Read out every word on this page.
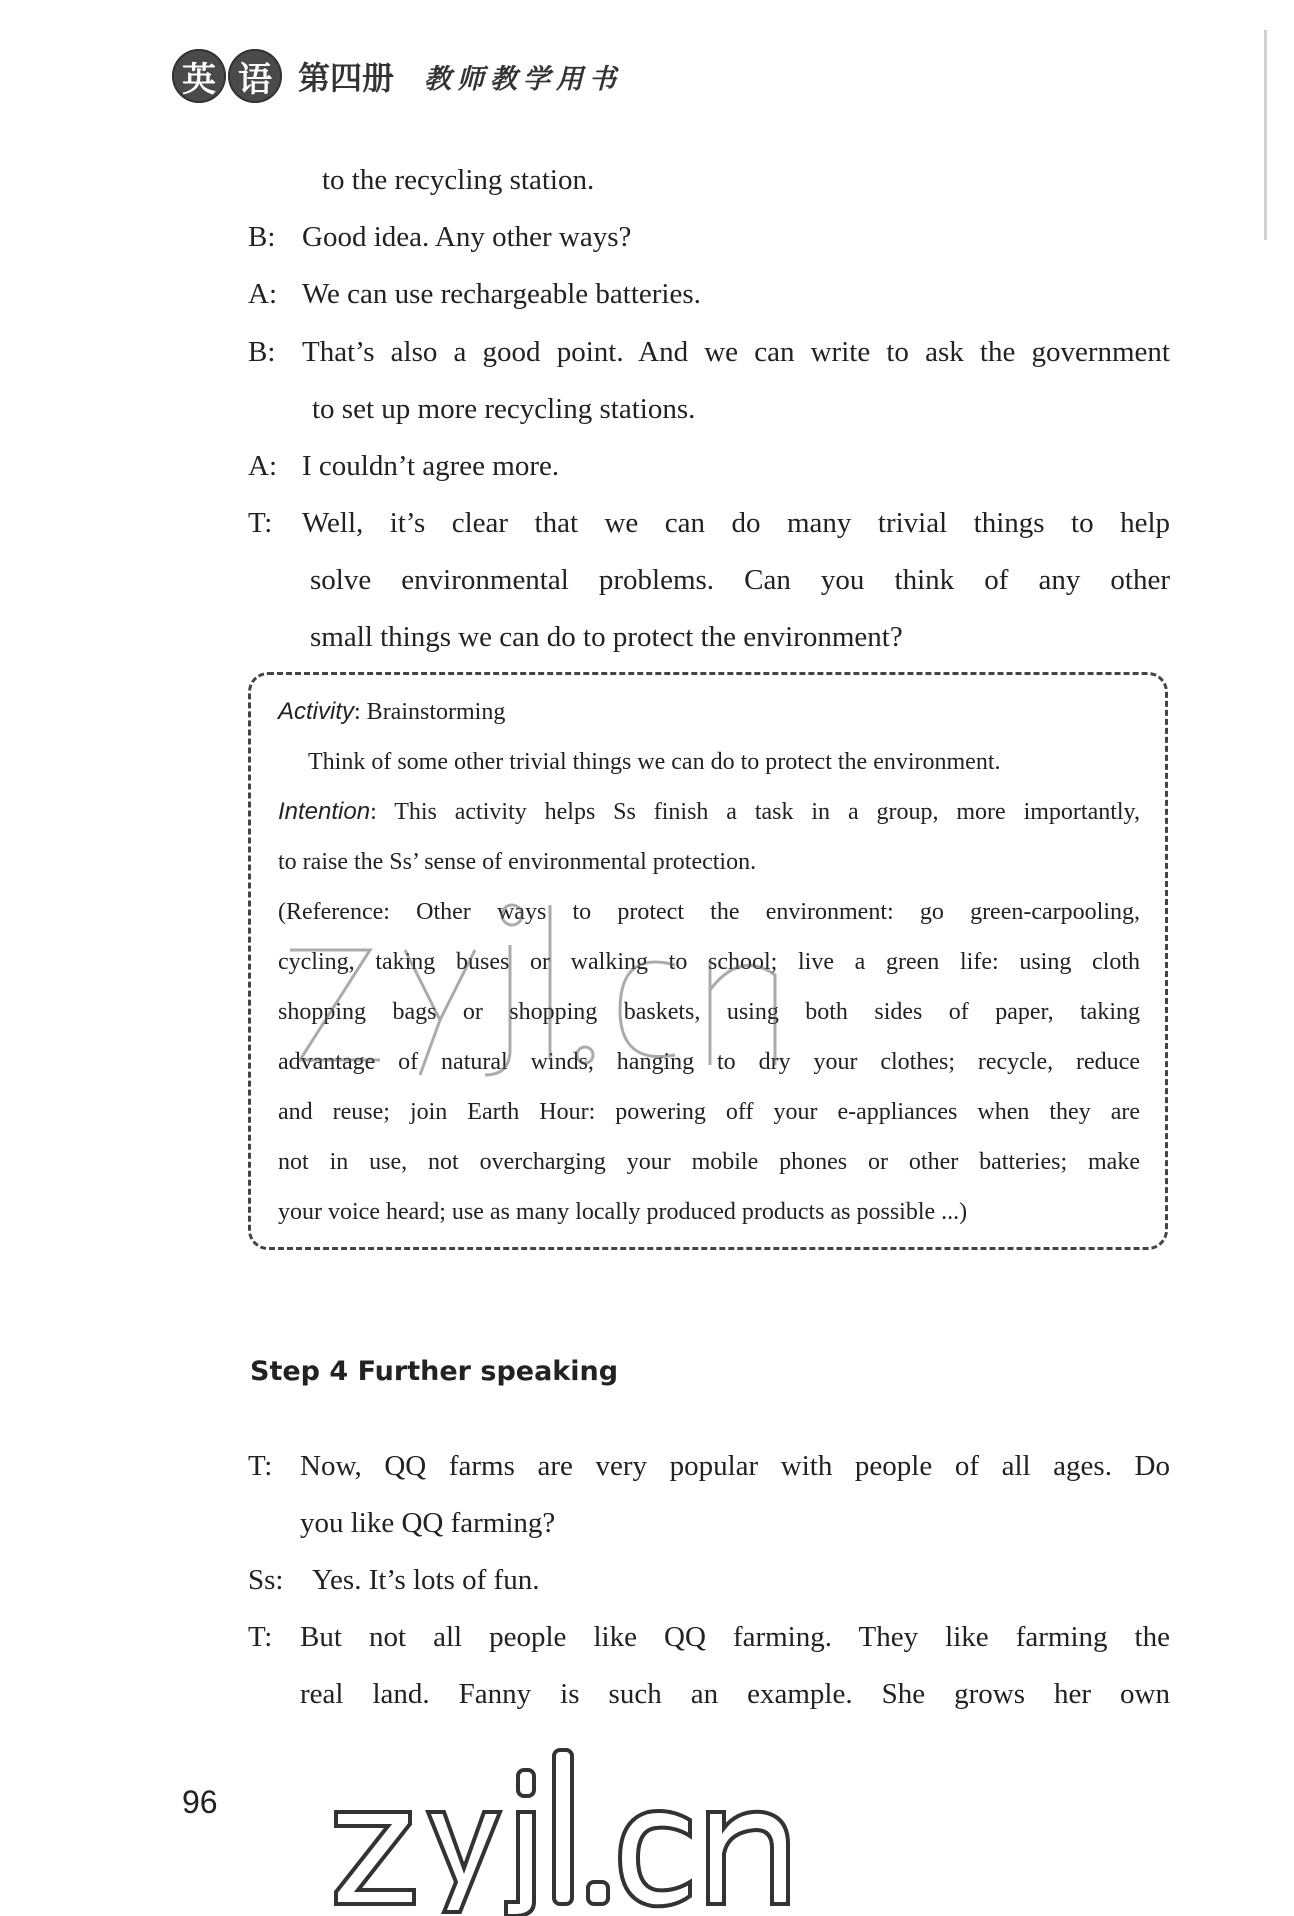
英 语 第四册 教师教学用书
to the recycling station.
B: Good idea. Any other ways?
A: We can use rechargeable batteries.
B: That’s also a good point. And we can write to ask the government
to set up more recycling stations.
A: I couldn’t agree more.
T:	Well, it’s clear that we can do many trivial things to help
solve environmental problems. Can you think of any other
small things we can do to protect the environment?
Activity: Brainstorming
Think of some other trivial things we can do to protect the environment.
Intention: This activity helps Ss finish a task in a group, more importantly,
to raise the Ss’ sense of environmental protection.
(Reference: Other ways to protect the environment: go green-carpooling,
cycling, taking buses or walking to school; live a green life: using cloth
shopping bags or shopping baskets, using both sides of paper, taking
advantage of natural winds, hanging to dry your clothes; recycle, reduce
and reuse; join Earth Hour: powering off your e-appliances when they are
not in use, not overcharging your mobile phones or other batteries; make
your voice heard; use as many locally produced products as possible ...)
Step 4 Further speaking
T: Now, QQ farms are very popular with people of all ages. Do
you like QQ farming?
Ss: Yes. It’s lots of fun.
T: But not all people like QQ farming. They like farming the
real land. Fanny is such an example. She grows her own
96
